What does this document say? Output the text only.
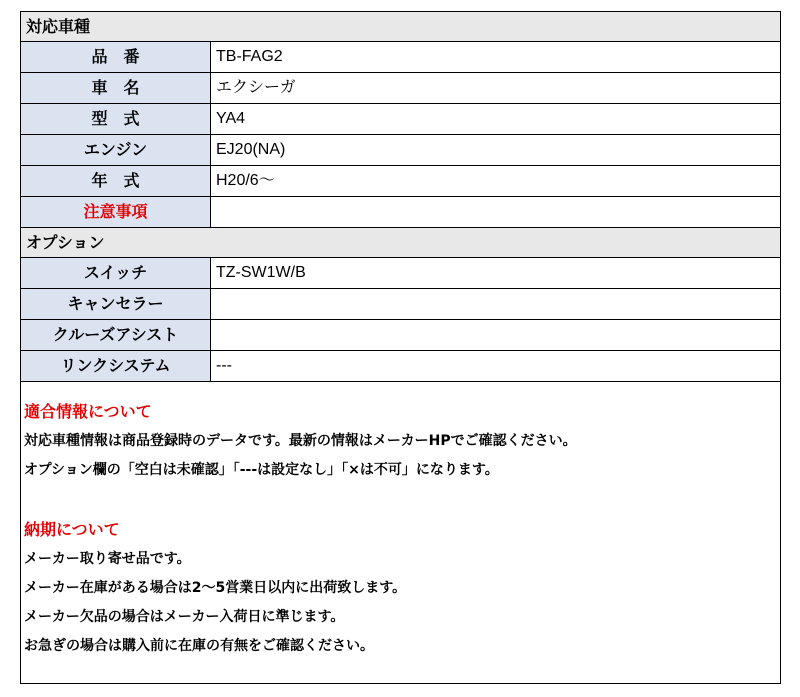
対応車種
品　番	TB-FAG2
車　名	エクシーガ
型　式	YA4
エンジン	EJ20(NA)
年　式	H20/6〜
注意事項
オプション
スイッチ	TZ-SW1W/B
キャンセラー
クルーズアシスト
リンクシステム	---
適合情報について
対応車種情報は商品登録時のデータです。最新の情報はメーカーHPでご確認ください。
オプション欄の「空白は未確認」「---は設定なし」「×は不可」になります。
納期について
メーカー取り寄せ品です。
メーカー在庫がある場合は2〜5営業日以内に出荷致します。
メーカー欠品の場合はメーカー入荷日に準じます。
お急ぎの場合は購入前に在庫の有無をご確認ください。
